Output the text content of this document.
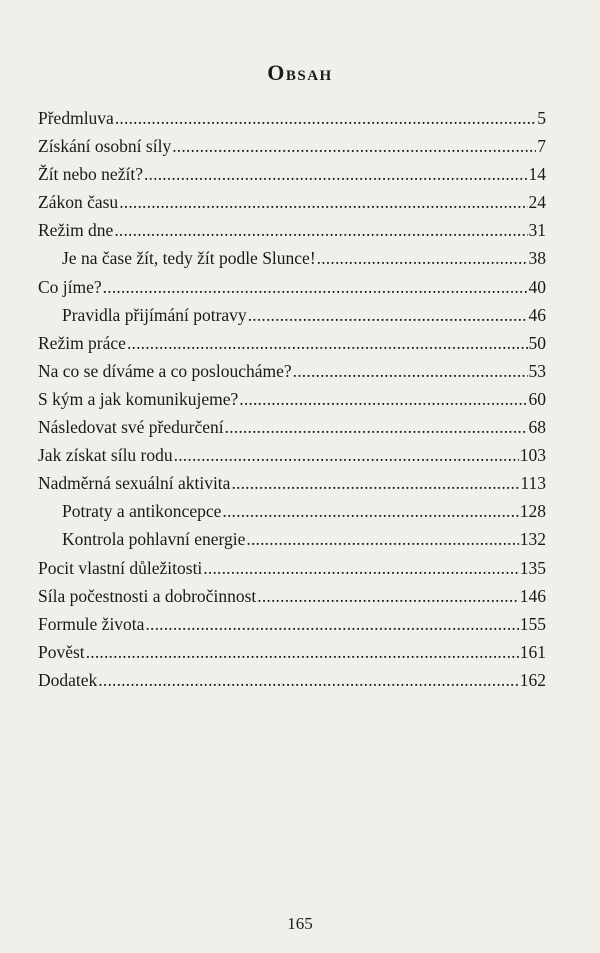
Obsah
Předmluva .....	5
Získání osobní síly .....	7
Žít nebo nežít? .....	14
Zákon času .....	24
Režim dne .....	31
Je na čase žít, tedy žít podle Slunce! .....	38
Co jíme? .....	40
Pravidla přijímání potravy .....	46
Režim práce .....	50
Na co se díváme a co posloucháme? .....	53
S kým a jak komunikujeme? .....	60
Následovat své předurčení .....	68
Jak získat sílu rodu .....	103
Nadměrná sexuální aktivita .....	113
Potraty a antikoncepce .....	128
Kontrola pohlavní energie .....	132
Pocit vlastní důležitosti .....	135
Síla počestnosti a dobročinnost .....	146
Formule života .....	155
Pověst .....	161
Dodatek .....	162
165
